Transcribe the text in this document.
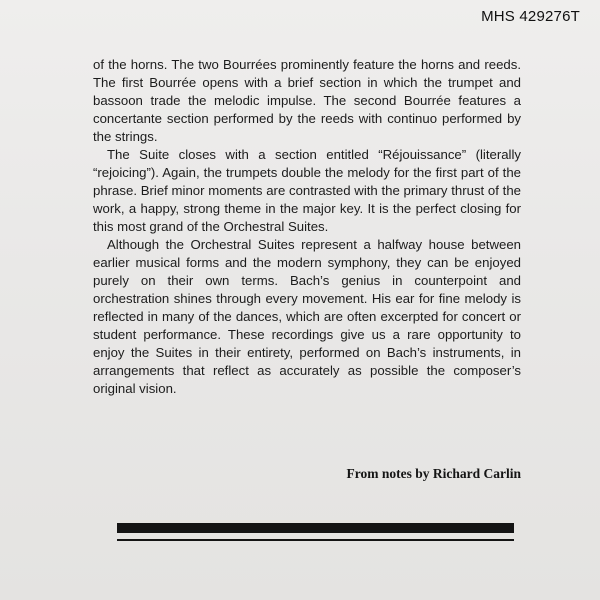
MHS 429276T

of the horns. The two Bourrées prominently feature the horns and reeds. The first Bourrée opens with a brief section in which the trumpet and bassoon trade the melodic impulse. The second Bourrée features a concertante section performed by the reeds with continuo performed by the strings.

The Suite closes with a section entitled “Réjouissance” (literally “rejoicing”). Again, the trumpets double the melody for the first part of the phrase. Brief minor moments are contrasted with the primary thrust of the work, a happy, strong theme in the major key. It is the perfect closing for this most grand of the Orchestral Suites.

Although the Orchestral Suites represent a halfway house between earlier musical forms and the modern symphony, they can be enjoyed purely on their own terms. Bach’s genius in counterpoint and orchestration shines through every movement. His ear for fine melody is reflected in many of the dances, which are often excerpted for concert or student performance. These recordings give us a rare opportunity to enjoy the Suites in their entirety, performed on Bach’s instruments, in arrangements that reflect as accurately as possible the composer’s original vision.

From notes by Richard Carlin
